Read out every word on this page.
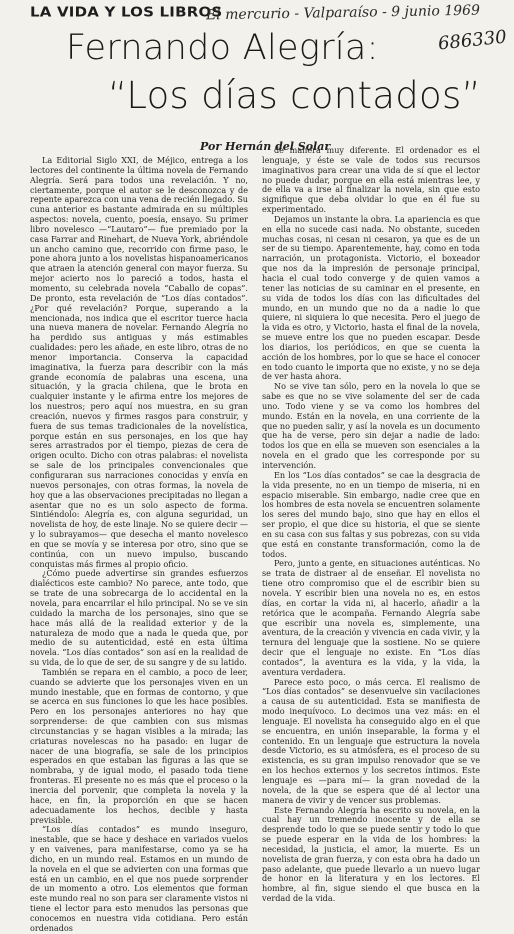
LA VIDA Y LOS LIBROS
El mercurio - Valparaíso - 9 junio 1969
686330
Fernando Alegría:
“Los días contados”
Por Hernán del Solar

La Editorial Siglo XXI, de Méjico, entrega a los lectores del continente la última novela de Fernando Alegría. Será para todos una revelación. Y no, ciertamente, porque el autor se le desconozca y de repente aparezca con una vena de recién llegado. Su cuna anterior es bastante admirada en su múltiples aspectos: novela, cuento, poesía, ensayo. Su primer libro novelesco —“Lautaro”— fue premiado por la casa Farrar and Rinehart, de Nueva York, abriéndole un ancho camino que, recorrido con firme paso, le pone ahora junto a los novelistas hispanoamericanos que atraen la atención general con mayor fuerza. Su mejor acierto nos lo pareció a todos, hasta el momento, su celebrada novela “Caballo de copas”. De pronto, esta revelación de “Los días contados”. ¿Por qué revelación? Porque, superando a la mencionada, nos indica que el escritor tuerce hacia una nueva manera de novelar. Fernando Alegría no ha perdido sus antiguas y más estimables cualidades: pero les añade, en este libro, otras de no menor importancia. Conserva la capacidad imaginativa, la fuerza para describir con la más grande economía de palabras una escena, una situación, y la gracia chilena, que le brota en cualquier instante y le afirma entre los mejores de los nuestros; pero aquí nos muestra, en su gran creación, nuevos y firmes rasgos para construir, y fuera de sus temas tradicionales de la novelística, porque están en sus personajes, en los que hay seres arrastrados por el tiempo, piezas de cera de origen oculto. Dicho con otras palabras: el novelista se sale de los principales convencionales que configuraran sus narraciones conocidas y envía en nuevos personajes, con otras formas, la novela de hoy que a las observaciones precipitadas no llegan a asentar que no es un solo aspecto de forma. Sintiéndolo: Alegría es, con alguna seguridad, un novelista de hoy, de este linaje. No se quiere decir —y lo subrayamos— que desecha el manto novelesco en que se movía y se interesa por otro, sino que se continúa, con un nuevo impulso, buscando conquistas más firmes al propio oficio.

¿Cómo puede advertirse sin grandes esfuerzos dialécticos este cambio? No parece, ante todo, que se trate de una sobrecarga de lo accidental en la novela, para encarrilar el hilo principal. No se ve sin cuidado la marcha de los personajes, sino que se hace más allá de la realidad exterior y de la naturaleza de modo que a nada le queda que, por medio de su autenticidad, esté en esta última novela. “Los días contados” son así en la realidad de su vida, de lo que de ser, de su sangre y de su latido.

También se repara en el cambio, a poco de leer, cuando se advierte que los personajes viven en un mundo inestable, que en formas de contorno, y que se acerca en sus funciones lo que les hace posibles. Pero en los personajes anteriores no hay que sorprenderse: de que cambien con sus mismas circunstancias y se hagan visibles a la mirada; las criaturas novelescas no ha pasado: en lugar de nacer de una biografía, se sale de los principios esperados en que estaban las figuras a las que se nombraba, y de igual modo, el pasado toda tiene fronteras. El presente no es más que el proceso o la inercia del porvenir, que completa la novela y la hace, en fin, la proporción en que se hacen adecuadamente los hechos, decible y hasta previsible.

“Los días contados” es mundo inseguro, inestable, que se hace y deshace en variados vuelos y en vaivenes, para manifestarse, como ya se ha dicho, en un mundo real. Estamos en un mundo de la novela en el que se advierten con una formas que está en un cambio, en el que nos puede sorprender de un momento a otro. Los elementos que forman este mundo real no son para ser claramente vistos ni tiene el lector para esto menudos las personas que conocemos en nuestra vida cotidiana. Pero están ordenados

de manera muy diferente. El ordenador es el lenguaje, y éste se vale de todos sus recursos imaginativos para crear una vida de sí que el lector no puede dudar, porque en ella está mientras lee, y de ella va a irse al finalizar la novela, sin que esto signifique que deba olvidar lo que en él fue su experimentado.

Dejamos un instante la obra. La apariencia es que en ella no sucede casi nada. No obstante, suceden muchas cosas, ni cesan ni cesaron, ya que es de un ser de su tiempo. Aparentemente, hay, como en toda narración, un protagonista. Victorio, el boxeador que nos da la impresión de personaje principal, hacia el cual todo converge y de quien vamos a tener las noticias de su caminar en el presente, en su vida de todos los días con las dificultades del mundo, en un mundo que no da a nadie lo que quiere, ni siquiera lo que necesita. Pero el juego de la vida es otro, y Victorio, hasta el final de la novela, se mueve entre los que no pueden escapar. Desde los diarios, los periódicos, en que se cuenta la acción de los hombres, por lo que se hace el conocer en todo cuanto le importa que no existe, y no se deja de ver hasta ahora.

No se vive tan sólo, pero en la novela lo que se sabe es que no se vive solamente del ser de cada uno. Todo viene y se va como los hombres del mundo. Están en la novela, en una corriente de la que no pueden salir, y así la novela es un documento que ha de verse, pero sin dejar a nadie de lado: todos los que en ella se mueven son esenciales a la novela en el grado que les corresponde por su intervención.

En los “Los días contados” se cae la desgracia de la vida presente, no en un tiempo de miseria, ni en espacio miserable. Sin embargo, nadie cree que en los hombres de esta novela se encuentren solamente los seres del mundo bajo, sino que hay en ellos el ser propio, el que dice su historia, el que se siente en su casa con sus faltas y sus pobrezas, con su vida que está en constante transformación, como la de todos.

Pero, junto a gente, en situaciones auténticas. No se trata de distraer al de enseñar. El novelista no tiene otro compromiso que el de escribir bien su novela. Y escribir bien una novela no es, en estos días, en cortar la vida ni, al hacerlo, añadir a la retórica que le acompaña. Fernando Alegría sabe que escribir una novela es, simplemente, una aventura, de la creación y vivencia en cada vivir, y la ternura del lenguaje que la sostiene. No se quiere decir que el lenguaje no existe. En “Los días contados”, la aventura es la vida, y la vida, la aventura verdadera.

Parece esto poco, o más cerca. El realismo de “Los días contados” se desenvuelve sin vacilaciones a causa de su autenticidad. Esta se manifiesta de modo inequívoco. Lo decimos una vez más: en el lenguaje. El novelista ha conseguido algo en el que se encuentra, en unión inseparable, la forma y el contenido. En un lenguaje que estructura la novela desde Victorio, es su atmósfera, es el proceso de su existencia, es su gran impulso renovador que se ve en los hechos externos y los secretos íntimos. Este lenguaje es —para mí— la gran novedad de la novela, de la que se espera que dé al lector una manera de vivir y de vencer sus problemas.

Este Fernando Alegría ha escrito su novela, en la cual hay un tremendo inocente y de ella se desprende todo lo que se puede sentir y todo lo que se puede esperar en la vida de los hombres: la necesidad, la justicia, el amor, la muerte. Es un novelista de gran fuerza, y con esta obra ha dado un paso adelante, que puede llevarlo a un nuevo lugar de honor en la literatura y en los lectores. El hombre, al fin, sigue siendo el que busca en la verdad de la vida.
